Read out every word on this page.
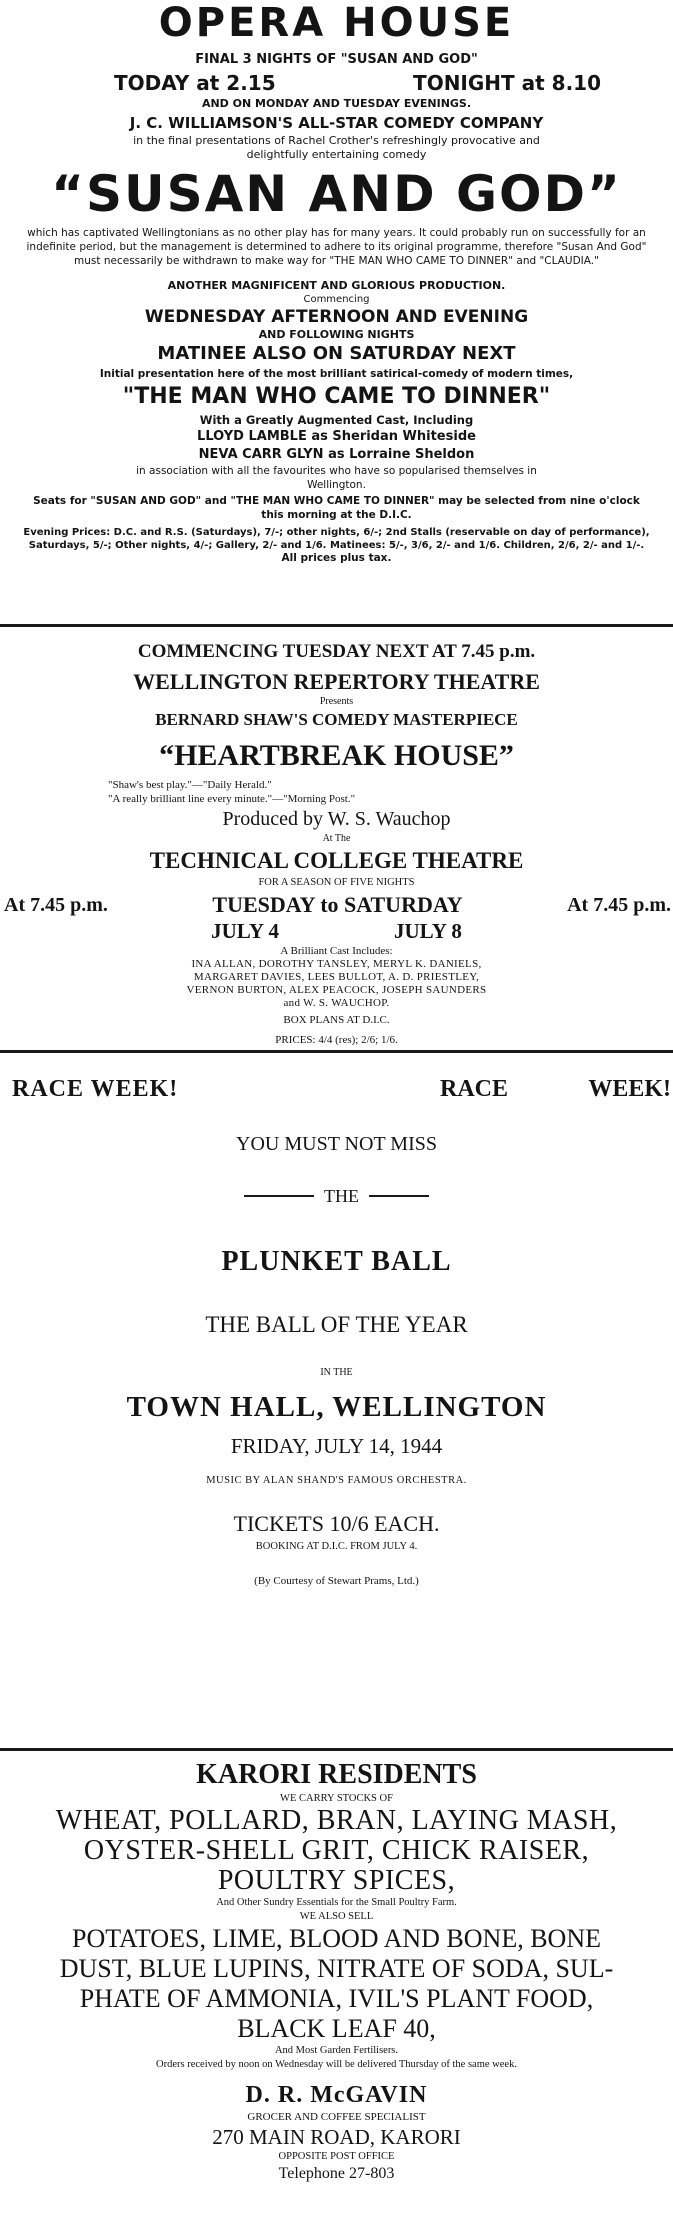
OPERA HOUSE
FINAL 3 NIGHTS OF "SUSAN AND GOD"
TODAY at 2.15	TONIGHT at 8.10
AND ON MONDAY AND TUESDAY EVENINGS.
J. C. WILLIAMSON'S ALL-STAR COMEDY COMPANY
in the final presentations of Rachel Crother's refreshingly provocative and
delightfully entertaining comedy
“SUSAN AND GOD”
which has captivated Wellingtonians as no other play has for many years. It could probably run on successfully for an indefinite period, but the management is determined to adhere to its original programme, therefore "Susan And God" must necessarily be withdrawn to make way for "THE MAN WHO CAME TO DINNER" and "CLAUDIA."
ANOTHER MAGNIFICENT AND GLORIOUS PRODUCTION.
Commencing
WEDNESDAY AFTERNOON AND EVENING
AND FOLLOWING NIGHTS
MATINEE ALSO ON SATURDAY NEXT
Initial presentation here of the most brilliant satirical-comedy of modern times,
"THE MAN WHO CAME TO DINNER"
With a Greatly Augmented Cast, Including
LLOYD LAMBLE as Sheridan Whiteside
NEVA CARR GLYN as Lorraine Sheldon
in association with all the favourites who have so popularised themselves in
Wellington.
Seats for "SUSAN AND GOD" and "THE MAN WHO CAME TO DINNER" may be selected from nine o'clock this morning at the D.I.C.
Evening Prices: D.C. and R.S. (Saturdays), 7/-; other nights, 6/-; 2nd Stalls (reservable on day of performance), Saturdays, 5/-; Other nights, 4/-; Gallery, 2/- and 1/6. Matinees: 5/-, 3/6, 2/- and 1/6. Children, 2/6, 2/- and 1/-.
All prices plus tax.
COMMENCING TUESDAY NEXT AT 7.45 p.m.
WELLINGTON REPERTORY THEATRE
Presents
BERNARD SHAW'S COMEDY MASTERPIECE
“HEARTBREAK HOUSE”
"Shaw's best play."—"Daily Herald."
"A really brilliant line every minute."—"Morning Post."
Produced by W. S. Wauchop
At The
TECHNICAL COLLEGE THEATRE
FOR A SEASON OF FIVE NIGHTS
At 7.45 p.m.	TUESDAY to SATURDAY	At 7.45 p.m.
JULY 4	JULY 8
A Brilliant Cast Includes:
INA ALLAN, DOROTHY TANSLEY, MERYL K. DANIELS,
MARGARET DAVIES, LEES BULLOT, A. D. PRIESTLEY,
VERNON BURTON, ALEX PEACOCK, JOSEPH SAUNDERS
and W. S. WAUCHOP.
BOX PLANS AT D.I.C.
PRICES: 4/4 (res); 2/6; 1/6.
RACE WEEK!	RACE	WEEK!
YOU MUST NOT MISS
THE
PLUNKET BALL
THE BALL OF THE YEAR
IN THE
TOWN HALL, WELLINGTON
FRIDAY, JULY 14, 1944
MUSIC BY ALAN SHAND'S FAMOUS ORCHESTRA.
TICKETS 10/6 EACH.
BOOKING AT D.I.C. FROM JULY 4.
(By Courtesy of Stewart Prams, Ltd.)
KARORI RESIDENTS
WE CARRY STOCKS OF
WHEAT, POLLARD, BRAN, LAYING MASH,
OYSTER-SHELL GRIT, CHICK RAISER,
POULTRY SPICES,
And Other Sundry Essentials for the Small Poultry Farm.
WE ALSO SELL
POTATOES, LIME, BLOOD AND BONE, BONE
DUST, BLUE LUPINS, NITRATE OF SODA, SUL-
PHATE OF AMMONIA, IVIL'S PLANT FOOD,
BLACK LEAF 40,
And Most Garden Fertilisers.
Orders received by noon on Wednesday will be delivered Thursday of the same week.
D. R. McGAVIN
GROCER AND COFFEE SPECIALIST
270 MAIN ROAD, KARORI
OPPOSITE POST OFFICE
Telephone 27-803
